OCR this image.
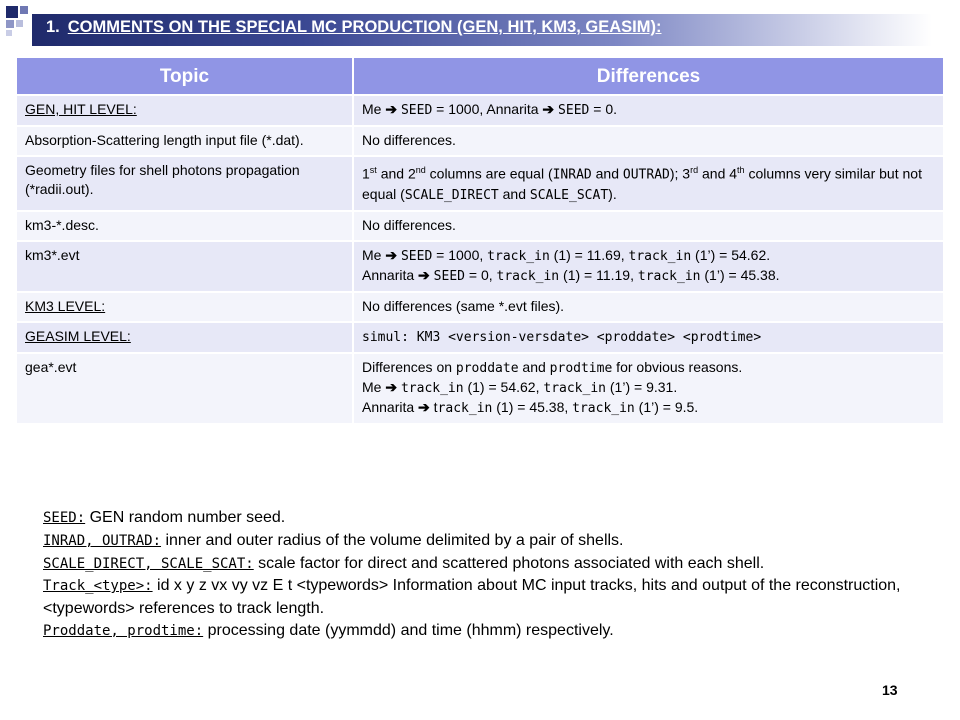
1. COMMENTS ON THE SPECIAL MC PRODUCTION (GEN, HIT, KM3, GEASIM):
Topic	Differences
GEN, HIT LEVEL:	Me ➔ SEED = 1000, Annarita ➔ SEED = 0.

Absorption-Scattering length input file (*.dat).	No differences.

Geometry files for shell photons propagation (*radii.out).	1st and 2nd columns are equal (INRAD and OUTRAD); 3rd and 4th columns very similar but not equal (SCALE_DIRECT and SCALE_SCAT).

km3-*.desc.	No differences.

km3*.evt	Me ➔ SEED = 1000, track_in (1) = 11.69, track_in (1’) = 54.62.
Annarita ➔ SEED = 0, track_in (1) = 11.19, track_in (1’) = 45.38.

KM3 LEVEL:	No differences (same *.evt files).

GEASIM LEVEL:	simul: KM3 <version-versdate> <proddate> <prodtime>

gea*.evt	Differences on proddate and prodtime for obvious reasons.
Me ➔ track_in (1) = 54.62, track_in (1’) = 9.31.
Annarita ➔ track_in (1) = 45.38, track_in (1’) = 9.5.

SEED: GEN random number seed.

INRAD, OUTRAD: inner and outer radius of the volume delimited by a pair of shells.

SCALE_DIRECT, SCALE_SCAT: scale factor for direct and scattered photons associated with each shell.

Track_<type>: id x y z vx vy vz E t <typewords> Information about MC input tracks, hits and output of the reconstruction, <typewords> references to track length.

Proddate, prodtime: processing date (yymmdd) and time (hhmm) respectively.

13
